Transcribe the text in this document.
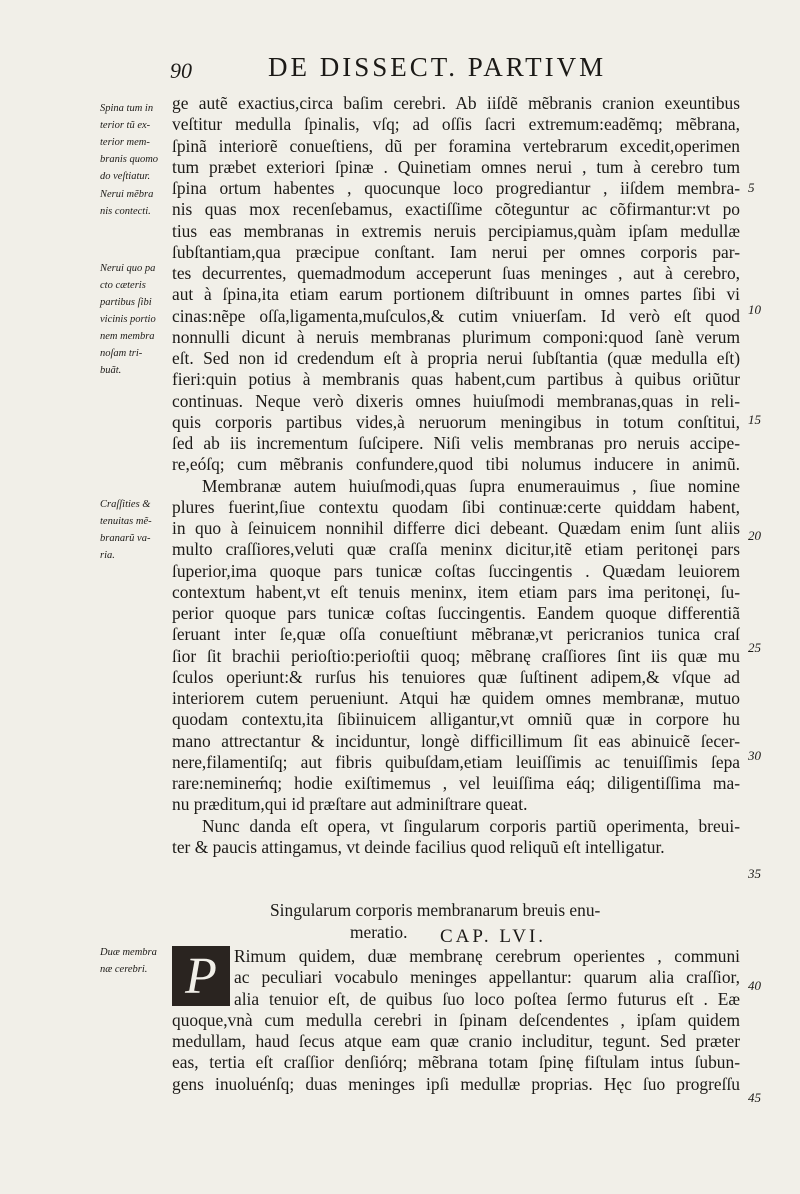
90	DE DISSECT. PARTIVM
Spina tum in
terior tũ ex-
terior mem-
branis quomo
do veſtiatur.
Nerui mẽbra
nis contecti.
Nerui quo pa
cto cæteris
partibus ſibi
vicinis portio
nem membra
noſam tri-
buãt.
Craſſities &
tenuitas mẽ-
branarũ va-
ria.
Duæ membra
næ cerebri.
ge autẽ exactius,circa baſim cerebri. Ab iiſdẽ mẽbranis cranion exeuntibus
veſtitur medulla ſpinalis, vſq; ad oſſis ſacri extremum:eadẽmq; mẽbrana,
ſpinã interiorẽ conueſtiens, dũ per foramina vertebrarum excedit,operimen
tum præbet exteriori ſpinæ . Quinetiam omnes nerui , tum à cerebro tum
ſpina ortum habentes , quocunque loco progrediantur , iiſdem membra-
nis quas mox recenſebamus, exactiſſime cõteguntur ac cõfirmantur:vt po
tius eas membranas in extremis neruis percipiamus,quàm ipſam medullæ
ſubſtantiam,qua præcipue conſtant. Iam nerui per omnes corporis par-
tes decurrentes, quemadmodum acceperunt ſuas meninges , aut à cerebro,
aut à ſpina,ita etiam earum portionem diſtribuunt in omnes partes ſibi vi
cinas:nẽpe oſſa,ligamenta,muſculos,& cutim vniuerſam. Id verò eſt quod
nonnulli dicunt à neruis membranas plurimum componi:quod ſanè verum
eſt. Sed non id credendum eſt à propria nerui ſubſtantia (quæ medulla eſt)
fieri:quin potius à membranis quas habent,cum partibus à quibus oriũtur
continuas. Neque verò dixeris omnes huiuſmodi membranas,quas in reli-
quis corporis partibus vides,à neruorum meningibus in totum conſtitui,
ſed ab iis incrementum ſuſcipere. Niſi velis membranas pro neruis accipe-
re,eóſq; cum mẽbranis confundere,quod tibi nolumus inducere in animũ.
Membranæ autem huiuſmodi,quas ſupra enumerauimus , ſiue nomine
plures fuerint,ſiue contextu quodam ſibi continuæ:certe quiddam habent,
in quo à ſeinuicem nonnihil differre dici debeant. Quædam enim ſunt aliis
multo craſſiores,veluti quæ craſſa meninx dicitur,itẽ etiam peritonęi pars
ſuperior,ima quoque pars tunicæ coſtas ſuccingentis . Quædam leuiorem
contextum habent,vt eſt tenuis meninx, item etiam pars ima peritonęi, ſu-
perior quoque pars tunicæ coſtas ſuccingentis. Eandem quoque differentiã
ſeruant inter ſe,quæ oſſa conueſtiunt mẽbranæ,vt pericranios tunica craſ
ſior ſit brachii perioſtio:perioſtii quoq; mẽbranę craſſiores ſint iis quæ mu
ſculos operiunt:& rurſus his tenuiores quæ ſuſtinent adipem,& vſque ad
interiorem cutem perueniunt. Atqui hæ quidem omnes membranæ, mutuo
quodam contextu,ita ſibiinuicem alligantur,vt omniũ quæ in corpore hu
mano attrectantur & inciduntur, longè difficillimum ſit eas abinuicẽ ſecer-
nere,filamentiſq; aut fibris quibuſdam,etiam leuiſſimis ac tenuiſſimis ſepa
rare:nemineḿq; hodie exiſtimemus , vel leuiſſima eáq; diligentiſſima ma-
nu præditum,qui id præſtare aut adminiſtrare queat.
Nunc danda eſt opera, vt ſingularum corporis partiũ operimenta, breui-
ter & paucis attingamus, vt deinde facilius quod reliquũ eſt intelligatur.
Singularum corporis membranarum breuis enu-
meratio.	CAP. LVI.
P Rimum quidem, duæ membranę cerebrum operientes , communi
ac peculiari vocabulo meninges appellantur: quarum alia craſſior,
alia tenuior eſt, de quibus ſuo loco poſtea ſermo futurus eſt . Eæ
quoque,vnà cum medulla cerebri in ſpinam deſcendentes , ipſam quidem
medullam, haud ſecus atque eam quæ cranio includitur, tegunt. Sed præter
eas, tertia eſt craſſior denſiórq; mẽbrana totam ſpinę fiſtulam intus ſubun-
gens inuoluénſq; duas meninges ipſi medullæ proprias. Hęc ſuo progreſſu
5
10
15
20
25
30
35
40
45
